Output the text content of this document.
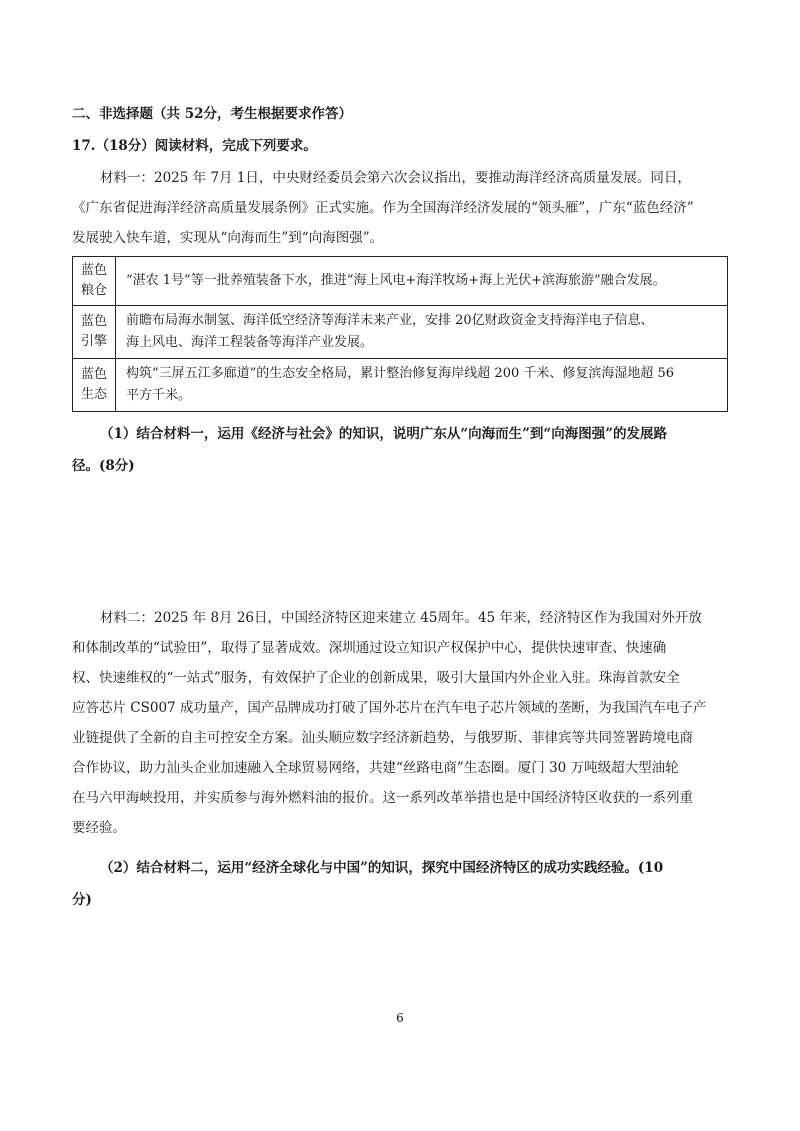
二、非选择题（共 52分，考生根据要求作答）
17.（18分）阅读材料，完成下列要求。
材料一：2025 年 7月 1日，中央财经委员会第六次会议指出，要推动海洋经济高质量发展。同日，
《广东省促进海洋经济高质量发展条例》正式实施。作为全国海洋经济发展的“领头雁”，广东“蓝色经济”
发展驶入快车道，实现从“向海而生”到“向海图强”。
蓝色
粮仓	“湛农 1号”等一批养殖装备下水，推进“海上风电+海洋牧场+海上光伏+滨海旅游”融合发展。

蓝色
引擎	前瞻布局海水制氢、海洋低空经济等海洋未来产业，安排 20亿财政资金支持海洋电子信息、
海上风电、海洋工程装备等海洋产业发展。

蓝色
生态	构筑“三屏五江多廊道”的生态安全格局，累计整治修复海岸线超 200 千米、修复滨海湿地超 56
平方千米。
（1）结合材料一，运用《经济与社会》的知识，说明广东从“向海而生”到“向海图强”的发展路
径。(8分)
材料二：2025 年 8月 26日，中国经济特区迎来建立 45周年。45 年来，经济特区作为我国对外开放
和体制改革的“试验田”，取得了显著成效。深圳通过设立知识产权保护中心，提供快速审查、快速确
权、快速维权的“一站式”服务，有效保护了企业的创新成果，吸引大量国内外企业入驻。珠海首款安全
应答芯片 CS007 成功量产，国产品牌成功打破了国外芯片在汽车电子芯片领域的垄断，为我国汽车电子产
业链提供了全新的自主可控安全方案。汕头顺应数字经济新趋势，与俄罗斯、菲律宾等共同签署跨境电商
合作协议，助力汕头企业加速融入全球贸易网络，共建“丝路电商”生态圈。厦门 30 万吨级超大型油轮
在马六甲海峡投用，并实质参与海外燃料油的报价。这一系列改革举措也是中国经济特区收获的一系列重
要经验。
（2）结合材料二，运用“经济全球化与中国”的知识，探究中国经济特区的成功实践经验。(10
分)
6
